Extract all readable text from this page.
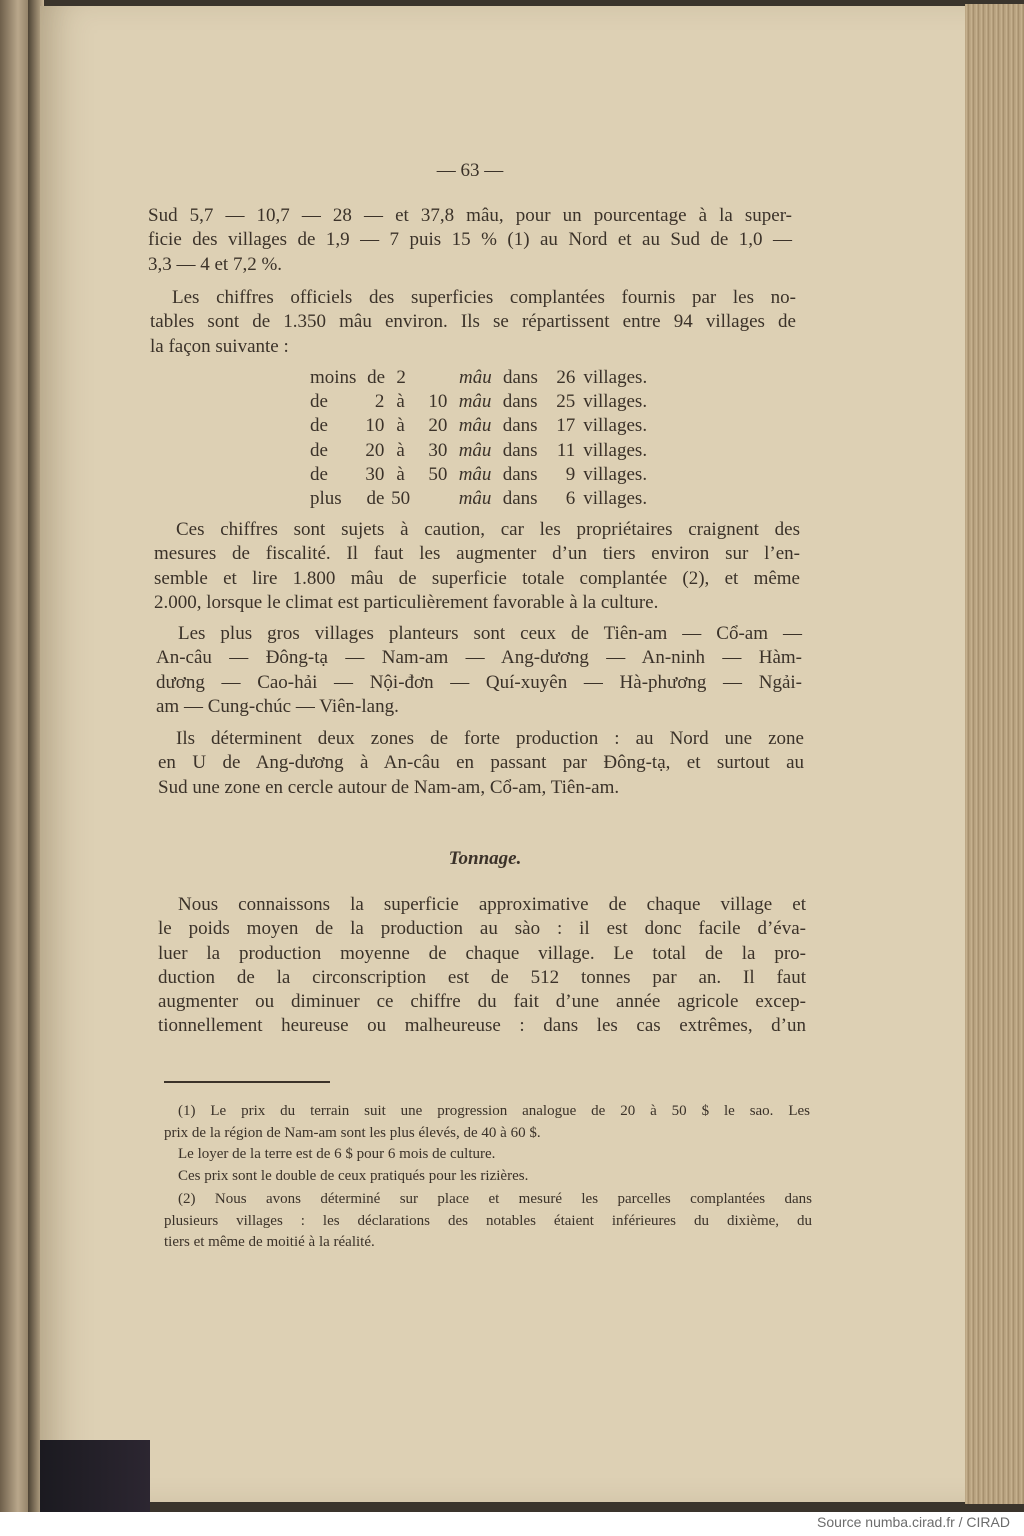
— 63 —
Sud 5,7 — 10,7 — 28 — et 37,8 mâu, pour un pourcentage à la super-
ficie des villages de 1,9 — 7 puis 15 % (1) au Nord et au Sud de 1,0 —
3,3 — 4 et 7,2 %.
Les chiffres officiels des superficies complantées fournis par les no-
tables sont de 1.350 mâu environ. Ils se répartissent entre 94 villages de
la façon suivante :
moins de 2	mâu dans 26 villages.
de	2 à	10 mâu dans 25 villages.
de	10 à	20 mâu dans 17 villages.
de	20 à	30 mâu dans	11 villages.
de	30 à	50 mâu dans	9 villages.
plus	de 50	mâu dans	6 villages.
Ces chiffres sont sujets à caution, car les propriétaires craignent des
mesures de fiscalité. Il faut les augmenter d’un tiers environ sur l’en-
semble et lire 1.800 mâu de superficie totale complantée (2), et même
2.000, lorsque le climat est particulièrement favorable à la culture.
Les plus gros villages planteurs sont ceux de Tiên-am — Cổ-am —
An-câu — Đông-tạ — Nam-am — Ang-dương — An-ninh — Hàm-
dương — Cao-hải — Nội-đơn — Quí-xuyên — Hà-phương — Ngải-
am — Cung-chúc — Viên-lang.
Ils déterminent deux zones de forte production : au Nord une zone
en U de Ang-dương à An-câu en passant par Đông-tạ, et surtout au
Sud une zone en cercle autour de Nam-am, Cổ-am, Tiên-am.
Tonnage.
Nous connaissons la superficie approximative de chaque village et
le poids moyen de la production au sào : il est donc facile d’éva-
luer la production moyenne de chaque village. Le total de la pro-
duction de la circonscription est de 512 tonnes par an. Il faut
augmenter ou diminuer ce chiffre du fait d’une année agricole excep-
tionnellement heureuse ou malheureuse : dans les cas extrêmes, d’un
(1) Le prix du terrain suit une progression analogue de 20 à 50 $ le sao. Les
prix de la région de Nam-am sont les plus élevés, de 40 à 60 $.
Le loyer de la terre est de 6 $ pour 6 mois de culture.
Ces prix sont le double de ceux pratiqués pour les rizières.
(2) Nous avons déterminé sur place et mesuré les parcelles complantées dans
plusieurs villages : les déclarations des notables étaient inférieures du dixième, du
tiers et même de moitié à la réalité.
Source numba.cirad.fr / CIRAD
